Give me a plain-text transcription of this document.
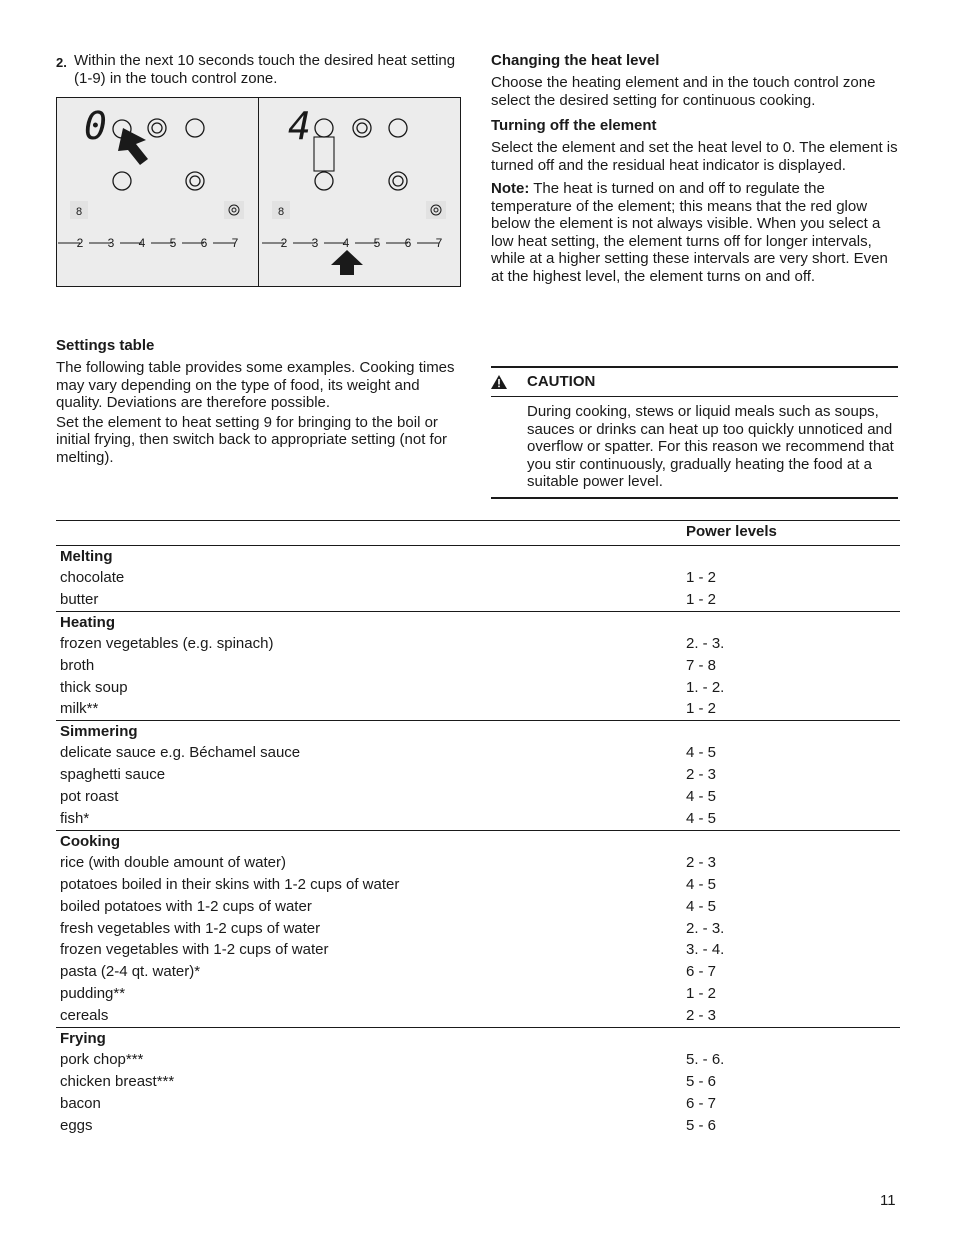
2. Within the next 10 seconds touch the desired heat setting (1-9) in the touch control zone.
0
8
2 3 4 5 6 7
4
8
2 3 4 5 6 7
Settings table

The following table provides some examples. Cooking times may vary depending on the type of food, its weight and quality. Deviations are therefore possible.

Set the element to heat setting 9 for bringing to the boil or initial frying, then switch back to appropriate setting (not for melting).

Changing the heat level

Choose the heating element and in the touch control zone select the desired setting for continuous cooking.

Turning off the element

Select the element and set the heat level to 0. The element is turned off and the residual heat indicator is displayed.

Note: The heat is turned on and off to regulate the temperature of the element; this means that the red glow below the element is not always visible. When you select a low heat setting, the element turns off for longer intervals, while at a higher setting these intervals are very short. Even at the highest level, the element turns on and off.

CAUTION
During cooking, stews or liquid meals such as soups, sauces or drinks can heat up too quickly unnoticed and overflow or spatter. For this reason we recommend that you stir continuously, gradually heating the food at a suitable power level.
Power levels
Melting
chocolate	1 - 2
butter	1 - 2
Heating
frozen vegetables (e.g. spinach)	2. - 3.
broth	7 - 8
thick soup	1. - 2.
milk**	1 - 2
Simmering
delicate sauce e.g. Béchamel sauce	4 - 5
spaghetti sauce	2 - 3
pot roast	4 - 5
fish*	4 - 5
Cooking
rice (with double amount of water)	2 - 3
potatoes boiled in their skins with 1-2 cups of water	4 - 5
boiled potatoes with 1-2 cups of water	4 - 5
fresh vegetables with 1-2 cups of water	2. - 3.
frozen vegetables with 1-2 cups of water	3. - 4.
pasta (2-4 qt. water)*	6 - 7
pudding**	1 - 2
cereals	2 - 3
Frying
pork chop***	5. - 6.
chicken breast***	5 - 6
bacon	6 - 7
eggs	5 - 6
11
